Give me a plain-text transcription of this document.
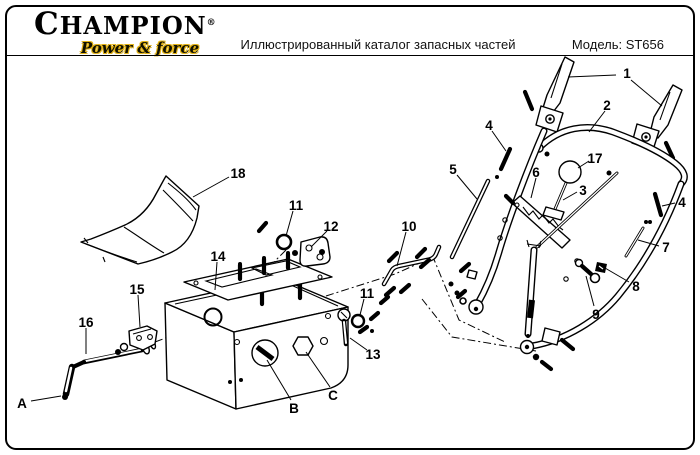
CHAMPION®
Power & force	Иллюстрированный каталог запасных частей	Модель: ST656
1
2
4
5
17
6
3
4
7
8
9
10
11
12
11
13
14
15
16
18
A	B
C
